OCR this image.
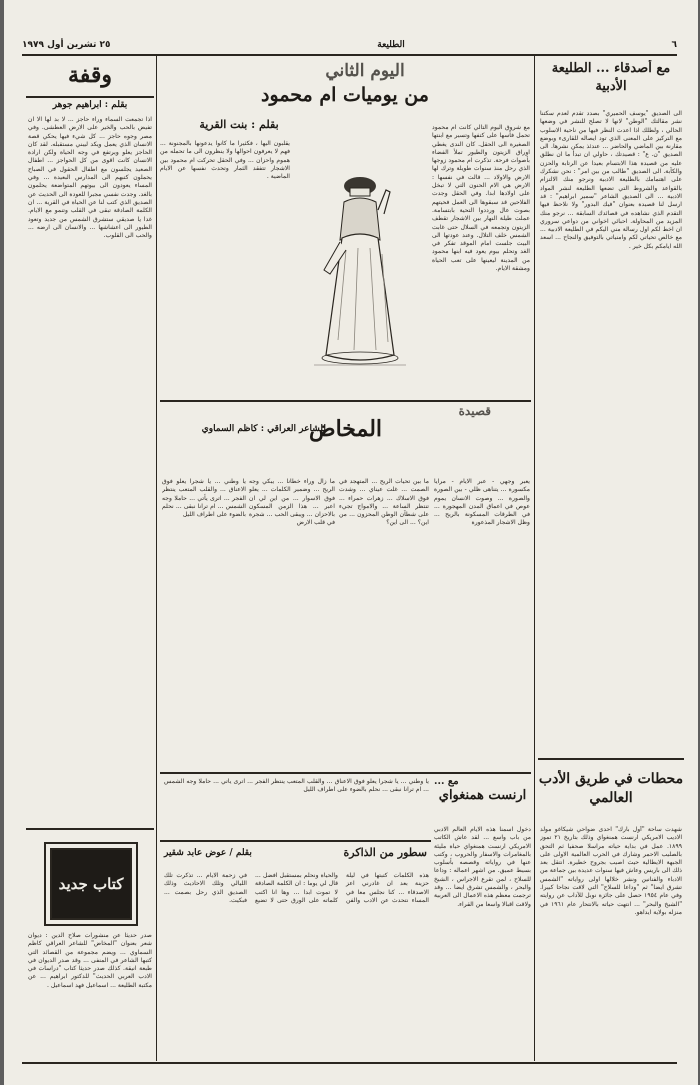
٢٥ تشرين أول ١٩٧٩	الطليعة	٦
مع أصدقاء ... الطليعة الأدبية
الى الصديق "يوسف الحميري" بصدد تقدم لعدم سكتنا نشر مقالتك "الوطن" لانها لا تصلح للنشر في وضعها الحالي ، ولطلك اذا اعدت النظر فيها من ناحية الاسلوب مع التركيز على المعنى الذي تود ايصاله للقارىء وبوضع مقارنة بين الماضي والحاضر ... عندئذ يمكن نشرها. الى الصديق "ن. ع" : قصيدتك ، حاولي ان تبدأ ما ان نطلق عليه من قصيدة هذا الابتسام بعيدا عن الرتابة والحزن والكآبة. الى الصديق "طالب من بين امر" : نحن نشكرك على اهتمامك بالطليعة الادبية ونرجو منك الالتزام بالقواعد والشروط التي تضعها الطليعة لنشر المواد الادبية ... الى الصديق الشاعر "سمير ابراهيم" : قد ارسل لنا قصيدة بعنوان "فيك البدور" ولا نلاحظ فيها التقدم الذي نشاهده في قصائدك السابقة ... نرجو منك المزيد من المحاولة. احبائي اخواني من دواعي سروري ان اخط لكم اول رسالة مني اليكم في الطليعة الادبية ... مع خالص تحياتي لكم وامنياتي بالتوفيق والنجاح ... اسعد الله ايامكم بكل خير .
محطات في طريق الأدب العالمي
شهدت ساحة "أول بارك" احدى ضواحي شيكاغو مولد الاديب الامريكي ارنست همنغواي وذلك بتاريخ ٢١ تموز ١٨٩٩. عمل في بداية حياته مراسلا صحفيا ثم التحق بالصليب الاحمر وشارك في الحرب العالمية الاولى على الجبهة الايطالية حيث اصيب بجروح خطيرة. انتقل بعد ذلك الى باريس وعاش فيها سنوات عديدة بين جماعة من الادباء والفنانين ونشر خلالها اولى رواياته "الشمس تشرق ايضا" ثم "وداعا للسلاح" التي لاقت نجاحا كبيرا. وفي عام ١٩٥٤ حصل على جائزة نوبل للآداب عن روايته "الشيخ والبحر" ... انتهت حياته بالانتحار عام ١٩٦١ في منزله بولاية ايداهو.
اليوم الثاني
من يوميات ام محمود
بقلم : بنت القرية	مع شروق اليوم التالي كانت ام محمود تحمل فأسها على كتفها وتسير مع ابنتها الصغيرة الى الحقل. كان الندى يغطي اوراق الزيتون والطيور تملأ الفضاء بأصوات فرحة. تذكرت ام محمود زوجها الذي رحل منذ سنوات طويلة وترك لها الارض والاولاد ... قالت في نفسها : الارض هي الام الحنون التي لا تبخل على اولادها ابدا. وفي الحقل وجدت الفلاحين قد سبقوها الى العمل فحيتهم بصوت عال ورددوا التحية بابتسامة. عملت طيلة النهار بين الاشجار تقطف الزيتون وتجمعه في السلال حتى غابت الشمس خلف التلال. وعند عودتها الى البيت جلست امام الموقد تفكر في الغد وتحلم بيوم يعود فيه ابنها محمود من المدينة ليعينها على تعب الحياة ومشقة الايام.
يقلبون اليها ، فكثيرا ما كانوا يدعونها بالمجنونة ... فهم لا يعرفون احوالها ولا ينظرون الى ما تحمله من هموم واحزان ... وفي الحقل تحركت ام محمود بين الاشجار تتفقد الثمار وتحدث نفسها عن الايام الماضية .
قصيدة
المخاض
للشاعر العراقي : كاظم السماوي
يعبر وجهي - عبر الايام - مرايا مكسورة ... يتناهى ظلي - بين الصورة والصورة ... وصوت الانسان يموم عوص في اعماق المدن المهجورة ... في الطرقات المسكونة بالريح ... وظل الاشجار المذعورة
ما بين تحيات الريح ... المتهجد في الصمت ... غلت عيناي ... وشدت فوق الاسلاك ... زهرات حمراء ... تنتظر الساعة ... والامواج تجيء على شطآن الوطن المحزون ... من اين؟ ... الى اين؟
ما زال وراء خطانا ... يبكي وجه الريح ... وضمير الكلمات ... يعلو فوق الاسوار ... من اين لي ان اعبر ... هذا الزمن المسكون بالاحزان ... ويبقى الحب ... شجرة في قلب الارض
يا وطني ... يا شجرا يعلو فوق الاعناق ... والقلب المتعب ينتظر الفجر ... اترى يأتي ... حاملا وجه الشمس ... ام ترانا نبقى ... نحلم بالضوء على اطراف الليل
مع ...
ارنست همنغواي
دخول اسمنا هذه الايام العالم الادبي من باب واسع ... لقد عاش الكاتب الامريكي ارنست همنغواي حياة مليئة بالمغامرات والاسفار والحروب ، وكتب عنها في رواياته وقصصه بأسلوب بسيط عميق. من اشهر اعماله : وداعا للسلاح ، لمن تقرع الاجراس ، الشيخ والبحر ، والشمس تشرق ايضا ... وقد ترجمت معظم هذه الاعمال الى العربية ولاقت اقبالا واسعا من القراء.
يا وطني ... يا شجرا يعلو فوق الاعناق ... والقلب المتعب ينتظر الفجر ... اترى يأتي ... حاملا وجه الشمس ... ام ترانا نبقى ... نحلم بالضوء على اطراف الليل
سطور من الذاكرة
بقلم / عوض عابد شقير
هذه الكلمات كتبتها في ليلة حزينة بعد ان غادرني اعز الاصدقاء ... كنا نجلس معا في المساء نتحدث عن الادب والفن والحياة ونحلم بمستقبل افضل ... قال لي يوما : ان الكلمة الصادقة لا تموت ابدا ... وها انا اكتب كلماته على الورق حتى لا تضيع في زحمة الايام ... تذكرت تلك الليالي وتلك الاحاديث وذلك الصديق الذي رحل بصمت ... فبكيت.
وقفة
بقلم : ابراهيم جوهر
اذا تجمعت السماء وراء حاجز ... لا بد لها الا ان تفيض بالحب والخير على الارض العطشى. وفي مصر وجوه حاجز ... كل شيء فيها يحكي قصة الانسان الذي يعمل ويكد ليبني مستقبله. لقد كان الحاجز يعلو ويرتفع في وجه الحياة ولكن ارادة الانسان كانت اقوى من كل الحواجز ... اطفال الصعيد يجلسون مع اطفال الحقول في الصباح يحملون كتبهم الى المدارس البعيدة ... وفي المساء يعودون الى بيوتهم المتواضعة يحلمون بالغد. وجدت نفسي مجبرا للعودة الى الحديث عن الصديق الذي كتب لنا عن الحياة في القرية ... ان الكلمة الصادقة تبقى في القلب وتنمو مع الايام. غدا يا صديقي ستشرق الشمس من جديد وتعود الطيور الى اعشاشها ... والانسان الى ارضه ... والحب الى القلوب.
كتاب جديد
صدر حديثا عن منشورات صلاح الدين : ديوان شعر بعنوان "المخاض" للشاعر العراقي كاظم السماوي ... ويضم مجموعة من القصائد التي كتبها الشاعر في المنفى ... وقد صدر الديوان في طبعة انيقة. كذلك صدر حديثا كتاب "دراسات في الادب العربي الحديث" للدكتور ابراهيم ... عن مكتبة الطليعة ... اسماعيل فهد اسماعيل .
